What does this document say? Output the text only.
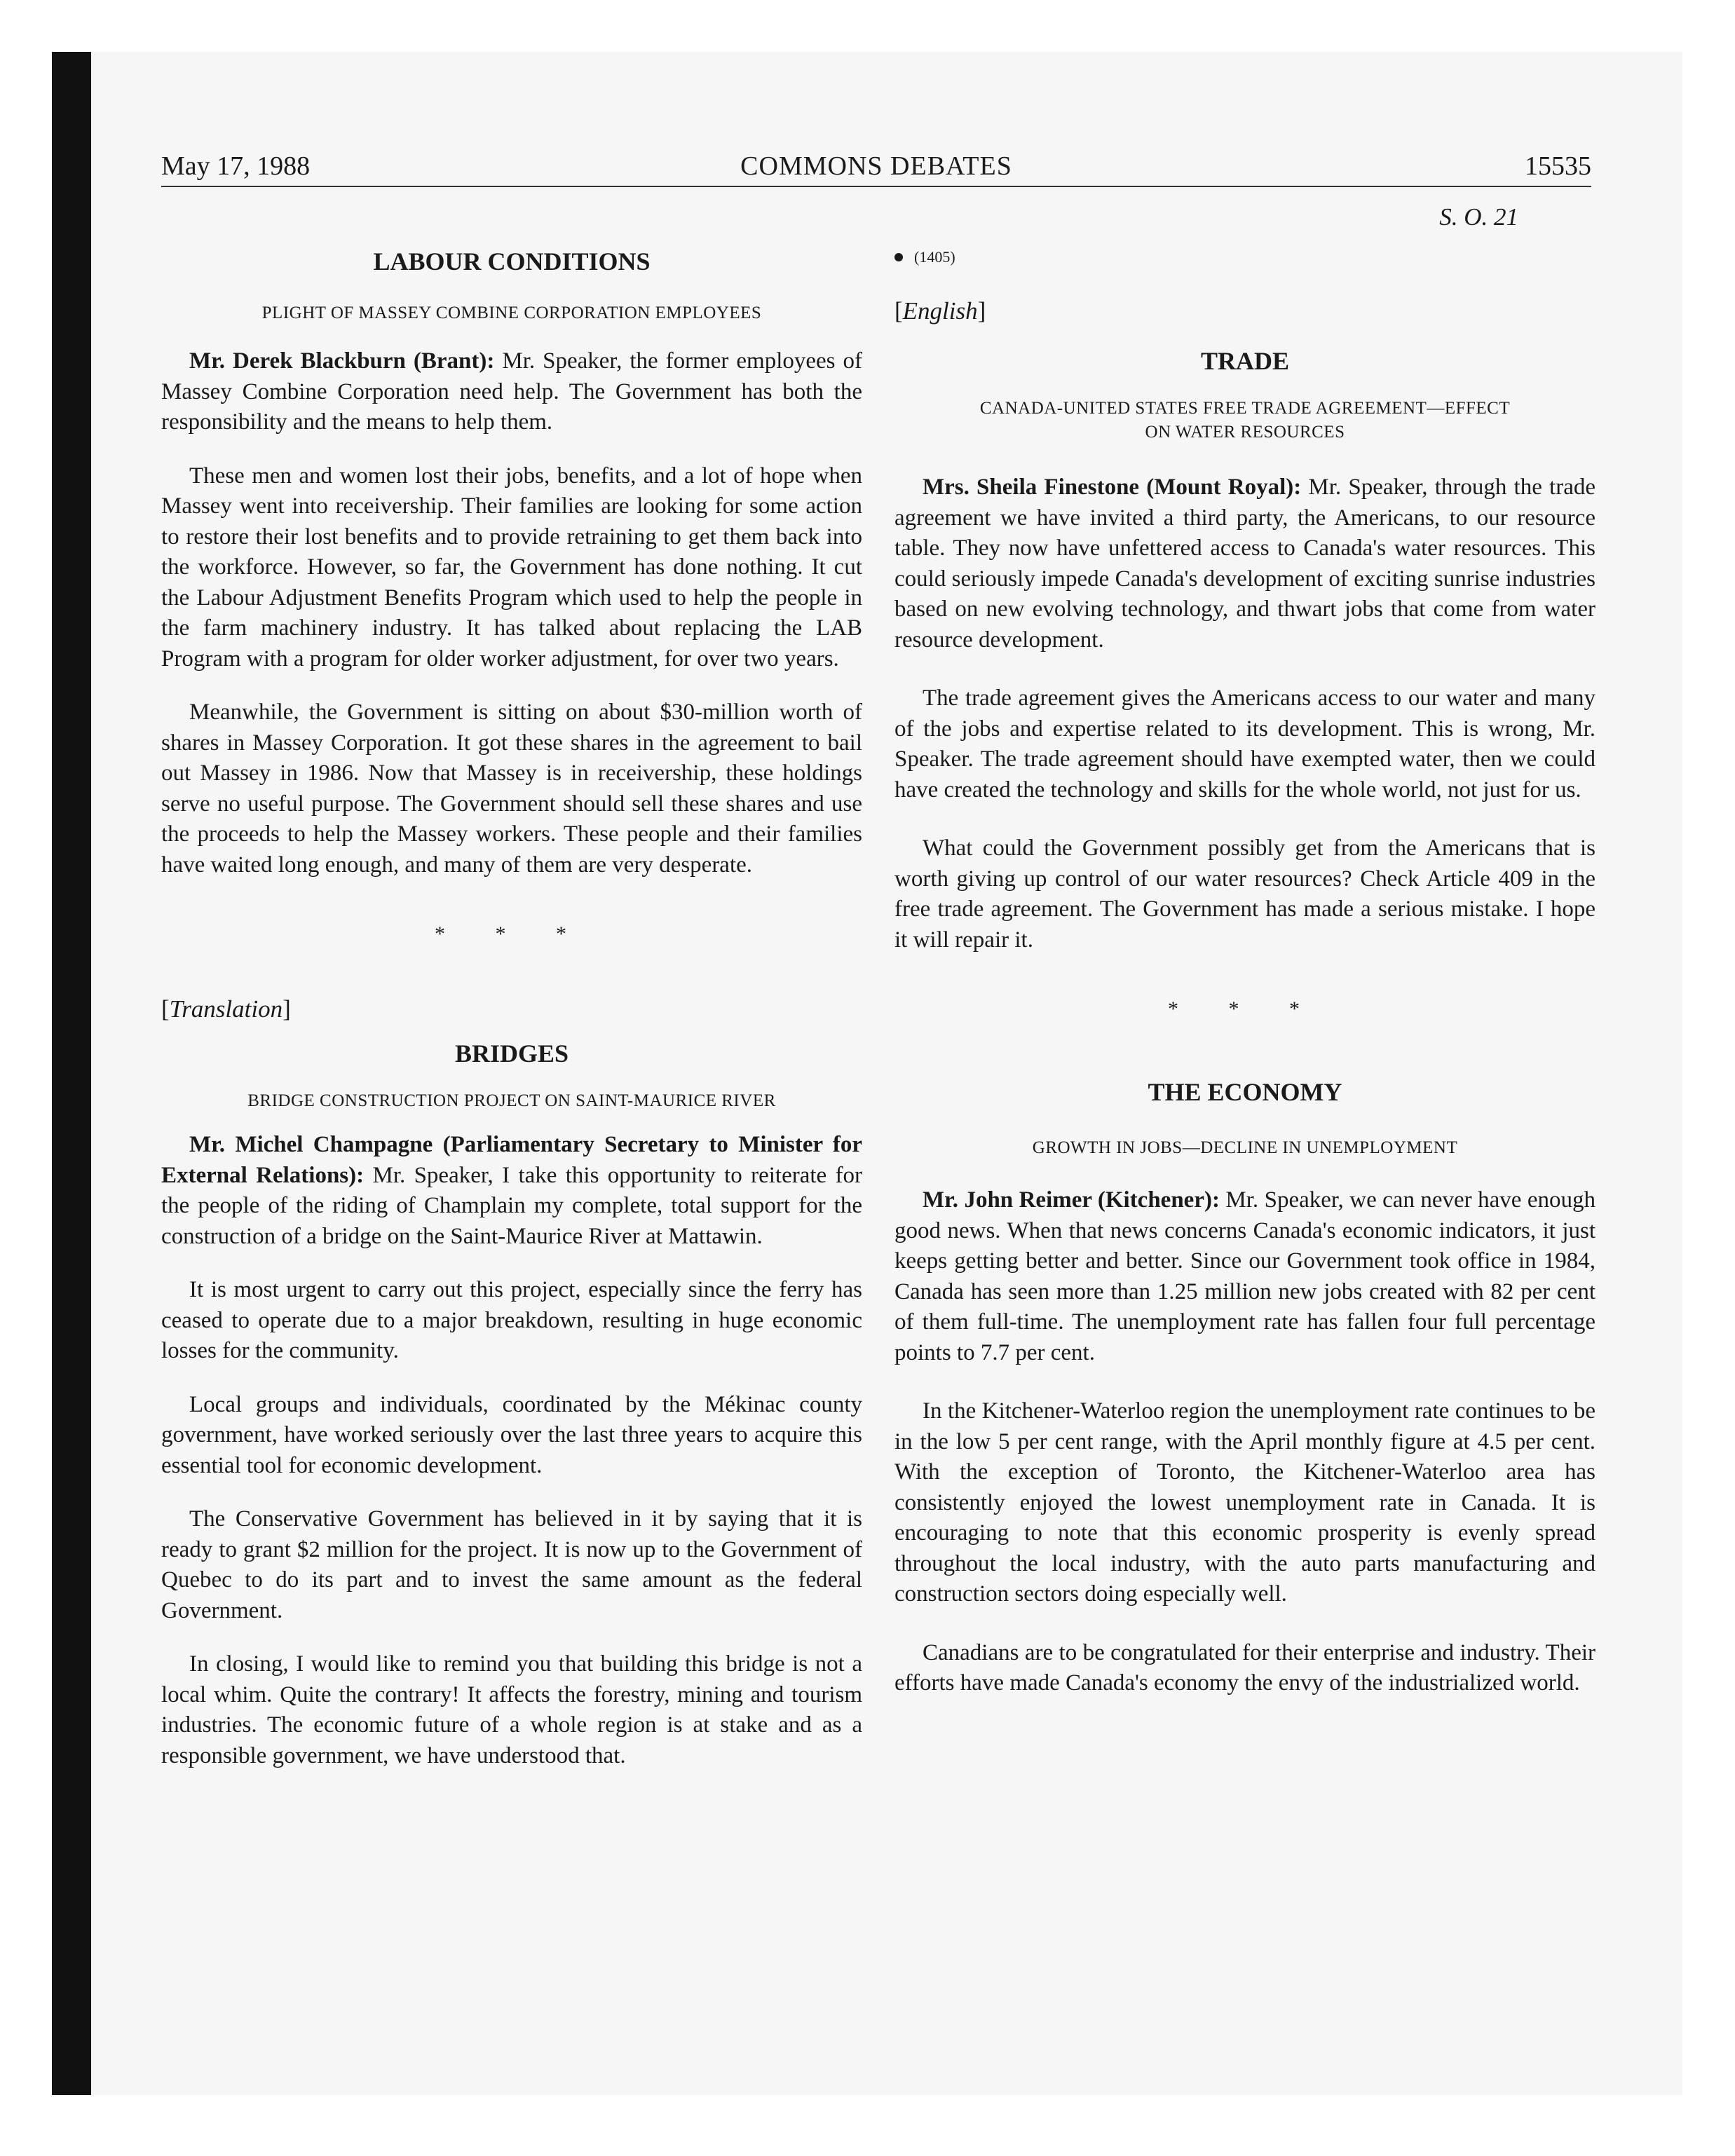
May 17, 1988	COMMONS DEBATES	15535
LABOUR CONDITIONS

PLIGHT OF MASSEY COMBINE CORPORATION EMPLOYEES

Mr. Derek Blackburn (Brant): Mr. Speaker, the former employees of Massey Combine Corporation need help. The Government has both the responsibility and the means to help them.

These men and women lost their jobs, benefits, and a lot of hope when Massey went into receivership. Their families are looking for some action to restore their lost benefits and to provide retraining to get them back into the workforce. However, so far, the Government has done nothing. It cut the Labour Adjustment Benefits Program which used to help the people in the farm machinery industry. It has talked about replacing the LAB Program with a program for older worker adjustment, for over two years.

Meanwhile, the Government is sitting on about $30-million worth of shares in Massey Corporation. It got these shares in the agreement to bail out Massey in 1986. Now that Massey is in receivership, these holdings serve no useful purpose. The Government should sell these shares and use the proceeds to help the Massey workers. These people and their families have waited long enough, and many of them are very desperate.

* * *

[Translation]

BRIDGES

BRIDGE CONSTRUCTION PROJECT ON SAINT-MAURICE RIVER

Mr. Michel Champagne (Parliamentary Secretary to Minister for External Relations): Mr. Speaker, I take this opportunity to reiterate for the people of the riding of Champlain my complete, total support for the construction of a bridge on the Saint-Maurice River at Mattawin.

It is most urgent to carry out this project, especially since the ferry has ceased to operate due to a major breakdown, resulting in huge economic losses for the community.

Local groups and individuals, coordinated by the Mékinac county government, have worked seriously over the last three years to acquire this essential tool for economic development.

The Conservative Government has believed in it by saying that it is ready to grant $2 million for the project. It is now up to the Government of Quebec to do its part and to invest the same amount as the federal Government.

In closing, I would like to remind you that building this bridge is not a local whim. Quite the contrary! It affects the forestry, mining and tourism industries. The economic future of a whole region is at stake and as a responsible government, we have understood that.

S. O. 21

(1405)

[English]

TRADE

CANADA-UNITED STATES FREE TRADE AGREEMENT—EFFECT
ON WATER RESOURCES

Mrs. Sheila Finestone (Mount Royal): Mr. Speaker, through the trade agreement we have invited a third party, the Americans, to our resource table. They now have unfettered access to Canada's water resources. This could seriously impede Canada's development of exciting sunrise industries based on new evolving technology, and thwart jobs that come from water resource development.

The trade agreement gives the Americans access to our water and many of the jobs and expertise related to its development. This is wrong, Mr. Speaker. The trade agreement should have exempted water, then we could have created the technology and skills for the whole world, not just for us.

What could the Government possibly get from the Americans that is worth giving up control of our water resources? Check Article 409 in the free trade agreement. The Government has made a serious mistake. I hope it will repair it.

* * *

THE ECONOMY

GROWTH IN JOBS—DECLINE IN UNEMPLOYMENT

Mr. John Reimer (Kitchener): Mr. Speaker, we can never have enough good news. When that news concerns Canada's economic indicators, it just keeps getting better and better. Since our Government took office in 1984, Canada has seen more than 1.25 million new jobs created with 82 per cent of them full-time. The unemployment rate has fallen four full percentage points to 7.7 per cent.

In the Kitchener-Waterloo region the unemployment rate continues to be in the low 5 per cent range, with the April monthly figure at 4.5 per cent. With the exception of Toronto, the Kitchener-Waterloo area has consistently enjoyed the lowest unemployment rate in Canada. It is encouraging to note that this economic prosperity is evenly spread throughout the local industry, with the auto parts manufacturing and construction sectors doing especially well.

Canadians are to be congratulated for their enterprise and industry. Their efforts have made Canada's economy the envy of the industrialized world.
